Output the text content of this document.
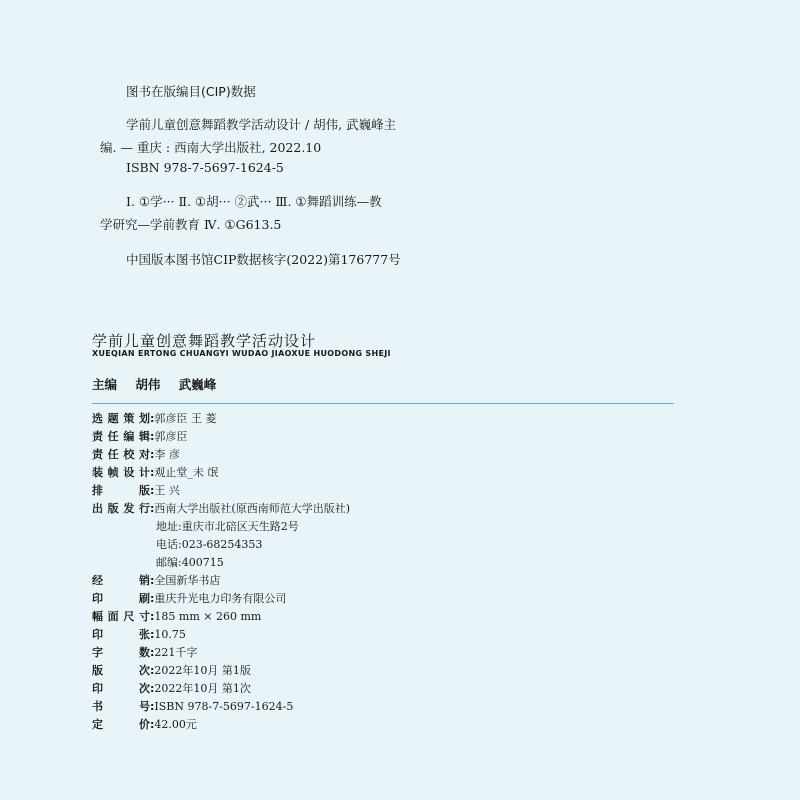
图书在版编目(CIP)数据
学前儿童创意舞蹈教学活动设计 / 胡伟, 武巍峰主
编. — 重庆 : 西南大学出版社, 2022.10
ISBN 978-7-5697-1624-5
Ⅰ. ①学··· Ⅱ. ①胡··· ②武··· Ⅲ. ①舞蹈训练—教
学研究—学前教育 Ⅳ. ①G613.5
中国版本图书馆CIP数据核字(2022)第176777号
学前儿童创意舞蹈教学活动设计
XUEQIAN ERTONG CHUANGYI WUDAO JIAOXUE HUODONG SHEJI
主编 胡伟 武巍峰
选题策划:郭彦臣 王 菱
责任编辑:郭彦臣
责任校对:李 彦
装帧设计:观止堂_未 氓
排版:王 兴
出版发行:西南大学出版社(原西南师范大学出版社)
地址:重庆市北碚区天生路2号
电话:023-68254353
邮编:400715
经销:全国新华书店
印刷:重庆升光电力印务有限公司
幅面尺寸:185 mm × 260 mm
印张:10.75
字数:221千字
版次:2022年10月 第1版
印次:2022年10月 第1次
书号:ISBN 978-7-5697-1624-5
定价:42.00元
